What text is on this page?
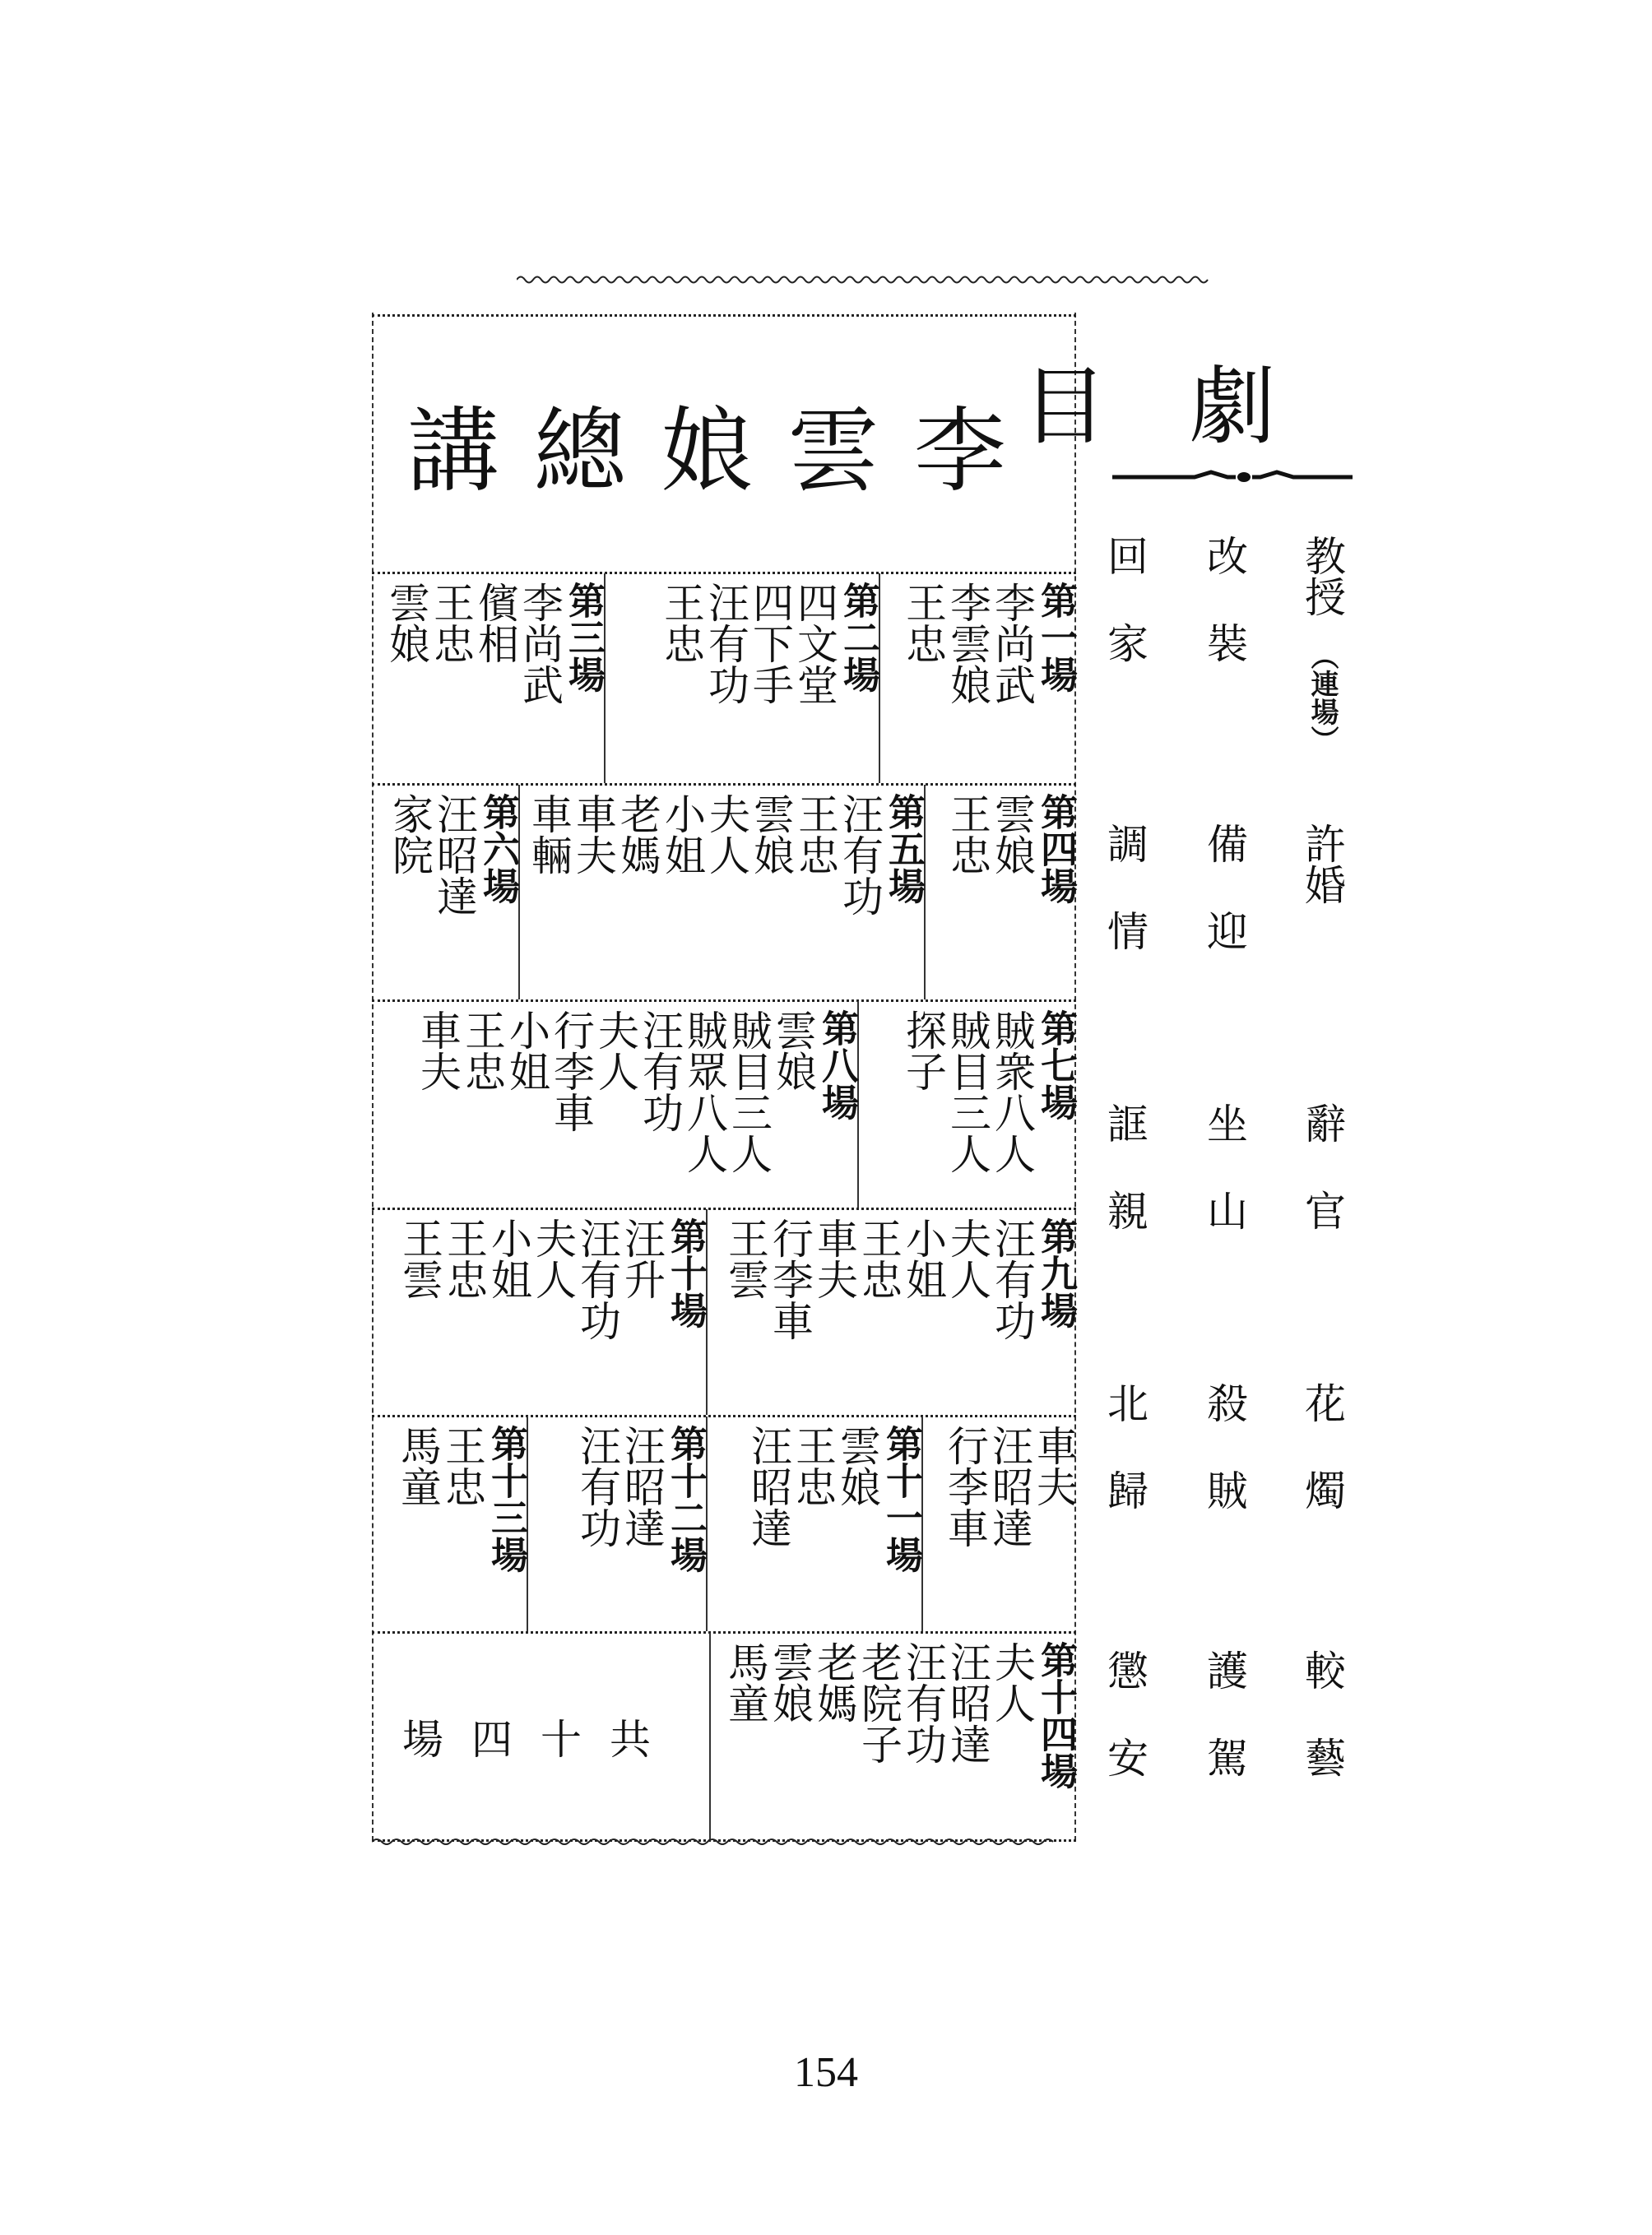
李雲娘總講
第一場
李尚武
李雲娘
王忠
第二場
四文堂
四下手
汪有功
王忠
第三場
李尚武
儐相
王忠
雲娘
第四場
雲娘
王忠
第五場
汪有功
王忠
雲娘
夫人
小姐
老媽
車夫
車輛
第六場
汪昭達
家院
第七場
賊衆八人
賊目三人
探子
第八場
雲娘
賊目三人
賊眾八人
汪有功
夫人
行李車
小姐
王忠
車夫
第九場
汪有功
夫人
小姐
王忠
車夫
行李車
王雲
第十場
汪升
汪有功
夫人
小姐
王忠
王雲
車夫
汪昭達
行李車
第十一場
雲娘
王忠
汪昭達
第十二場
汪昭達
汪有功
第十三場
王忠
馬童
第十四場
夫人
汪昭達
汪有功
老院子
老媽
雲娘
馬童
共十四場
劇目
教授
（連場）
許婚
改裝
備迎
回家
調情
辭官
花燭
較藝
坐山
殺賊
護駕
誆親
北歸
懲安
154
